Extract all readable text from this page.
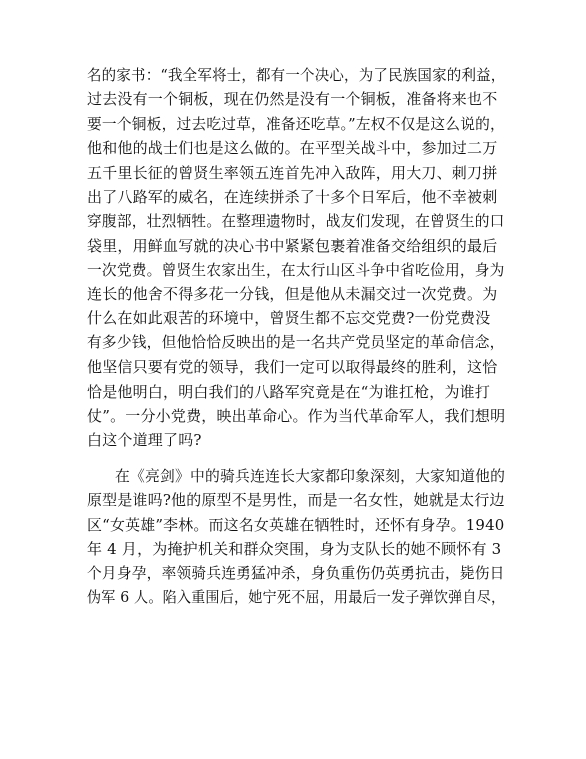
名的家书：“我全军将士，都有一个决心，为了民族国家的利益，
过去没有一个铜板，现在仍然是没有一个铜板，准备将来也不
要一个铜板，过去吃过草，准备还吃草。”左权不仅是这么说的，
他和他的战士们也是这么做的。在平型关战斗中，参加过二万
五千里长征的曾贤生率领五连首先冲入敌阵，用大刀、刺刀拼
出了八路军的威名，在连续拼杀了十多个日军后，他不幸被刺
穿腹部，壮烈牺牲。在整理遗物时，战友们发现，在曾贤生的口
袋里，用鲜血写就的决心书中紧紧包裹着准备交给组织的最后
一次党费。曾贤生农家出生，在太行山区斗争中省吃俭用，身为
连长的他舍不得多花一分钱，但是他从未漏交过一次党费。为
什么在如此艰苦的环境中，曾贤生都不忘交党费?一份党费没
有多少钱，但他恰恰反映出的是一名共产党员坚定的革命信念，
他坚信只要有党的领导，我们一定可以取得最终的胜利，这恰
恰是他明白，明白我们的八路军究竟是在“为谁扛枪，为谁打
仗”。一分小党费，映出革命心。作为当代革命军人，我们想明
白这个道理了吗?
在《亮剑》中的骑兵连连长大家都印象深刻，大家知道他的
原型是谁吗?他的原型不是男性，而是一名女性，她就是太行边
区“女英雄”李林。而这名女英雄在牺牲时，还怀有身孕。1940
年 4 月，为掩护机关和群众突围，身为支队长的她不顾怀有 3
个月身孕，率领骑兵连勇猛冲杀，身负重伤仍英勇抗击，毙伤日
伪军 6 人。陷入重围后，她宁死不屈，用最后一发子弹饮弹自尽，
